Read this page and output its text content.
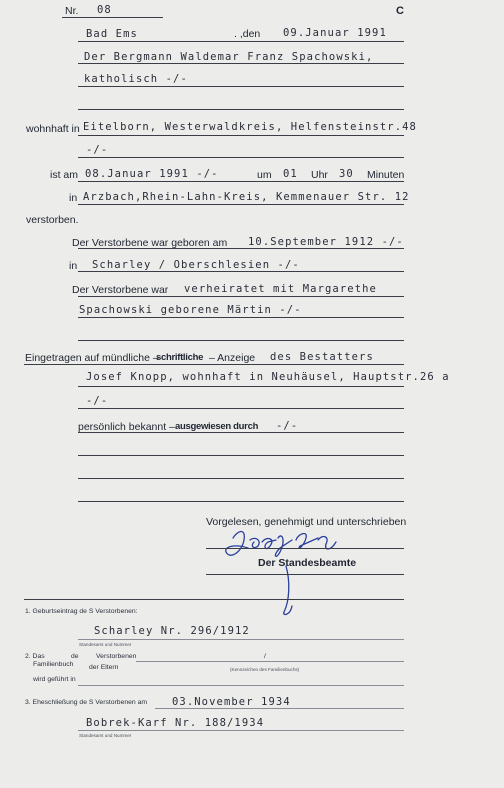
Nr. 08	C
Bad Ems	. ,den 09.Januar 1991
Der Bergmann Waldemar Franz Spachowski,
katholisch -/-
wohnhaft in Eitelborn, Westerwaldkreis, Helfensteinstr.48
-/-
ist am 08.Januar 1991 -/-	um 01 Uhr 30 Minuten
in Arzbach,Rhein-Lahn-Kreis, Kemmenauer Str. 12
verstorben.
Der Verstorbene war geboren am 10.September 1912 -/-
in Scharley / Oberschlesien -/-
Der Verstorbene war verheiratet mit Margarethe
Spachowski geborene Märtin -/-
Eingetragen auf mündliche –
schriftliche – Anzeige des Bestatters
Josef Knopp, wohnhaft in Neuhäusel, Hauptstr.26 a
-/-
persönlich bekannt – ausgewiesen durch -/-
Vorgelesen, genehmigt und unterschrieben
Der Standesbeamte
1. Geburtseintrag de S Verstorbenen:
Scharley Nr. 296/1912
Standesamt und Nummer
2. Das	de	Verstorbenen	/
Familienbuch der Eltern	(Kennzeichen des Familienbuchs)
wird geführt in
3. Eheschließung de S Verstorbenen am 03.November 1934
Bobrek-Karf Nr. 188/1934
Standesamt und Nummer
